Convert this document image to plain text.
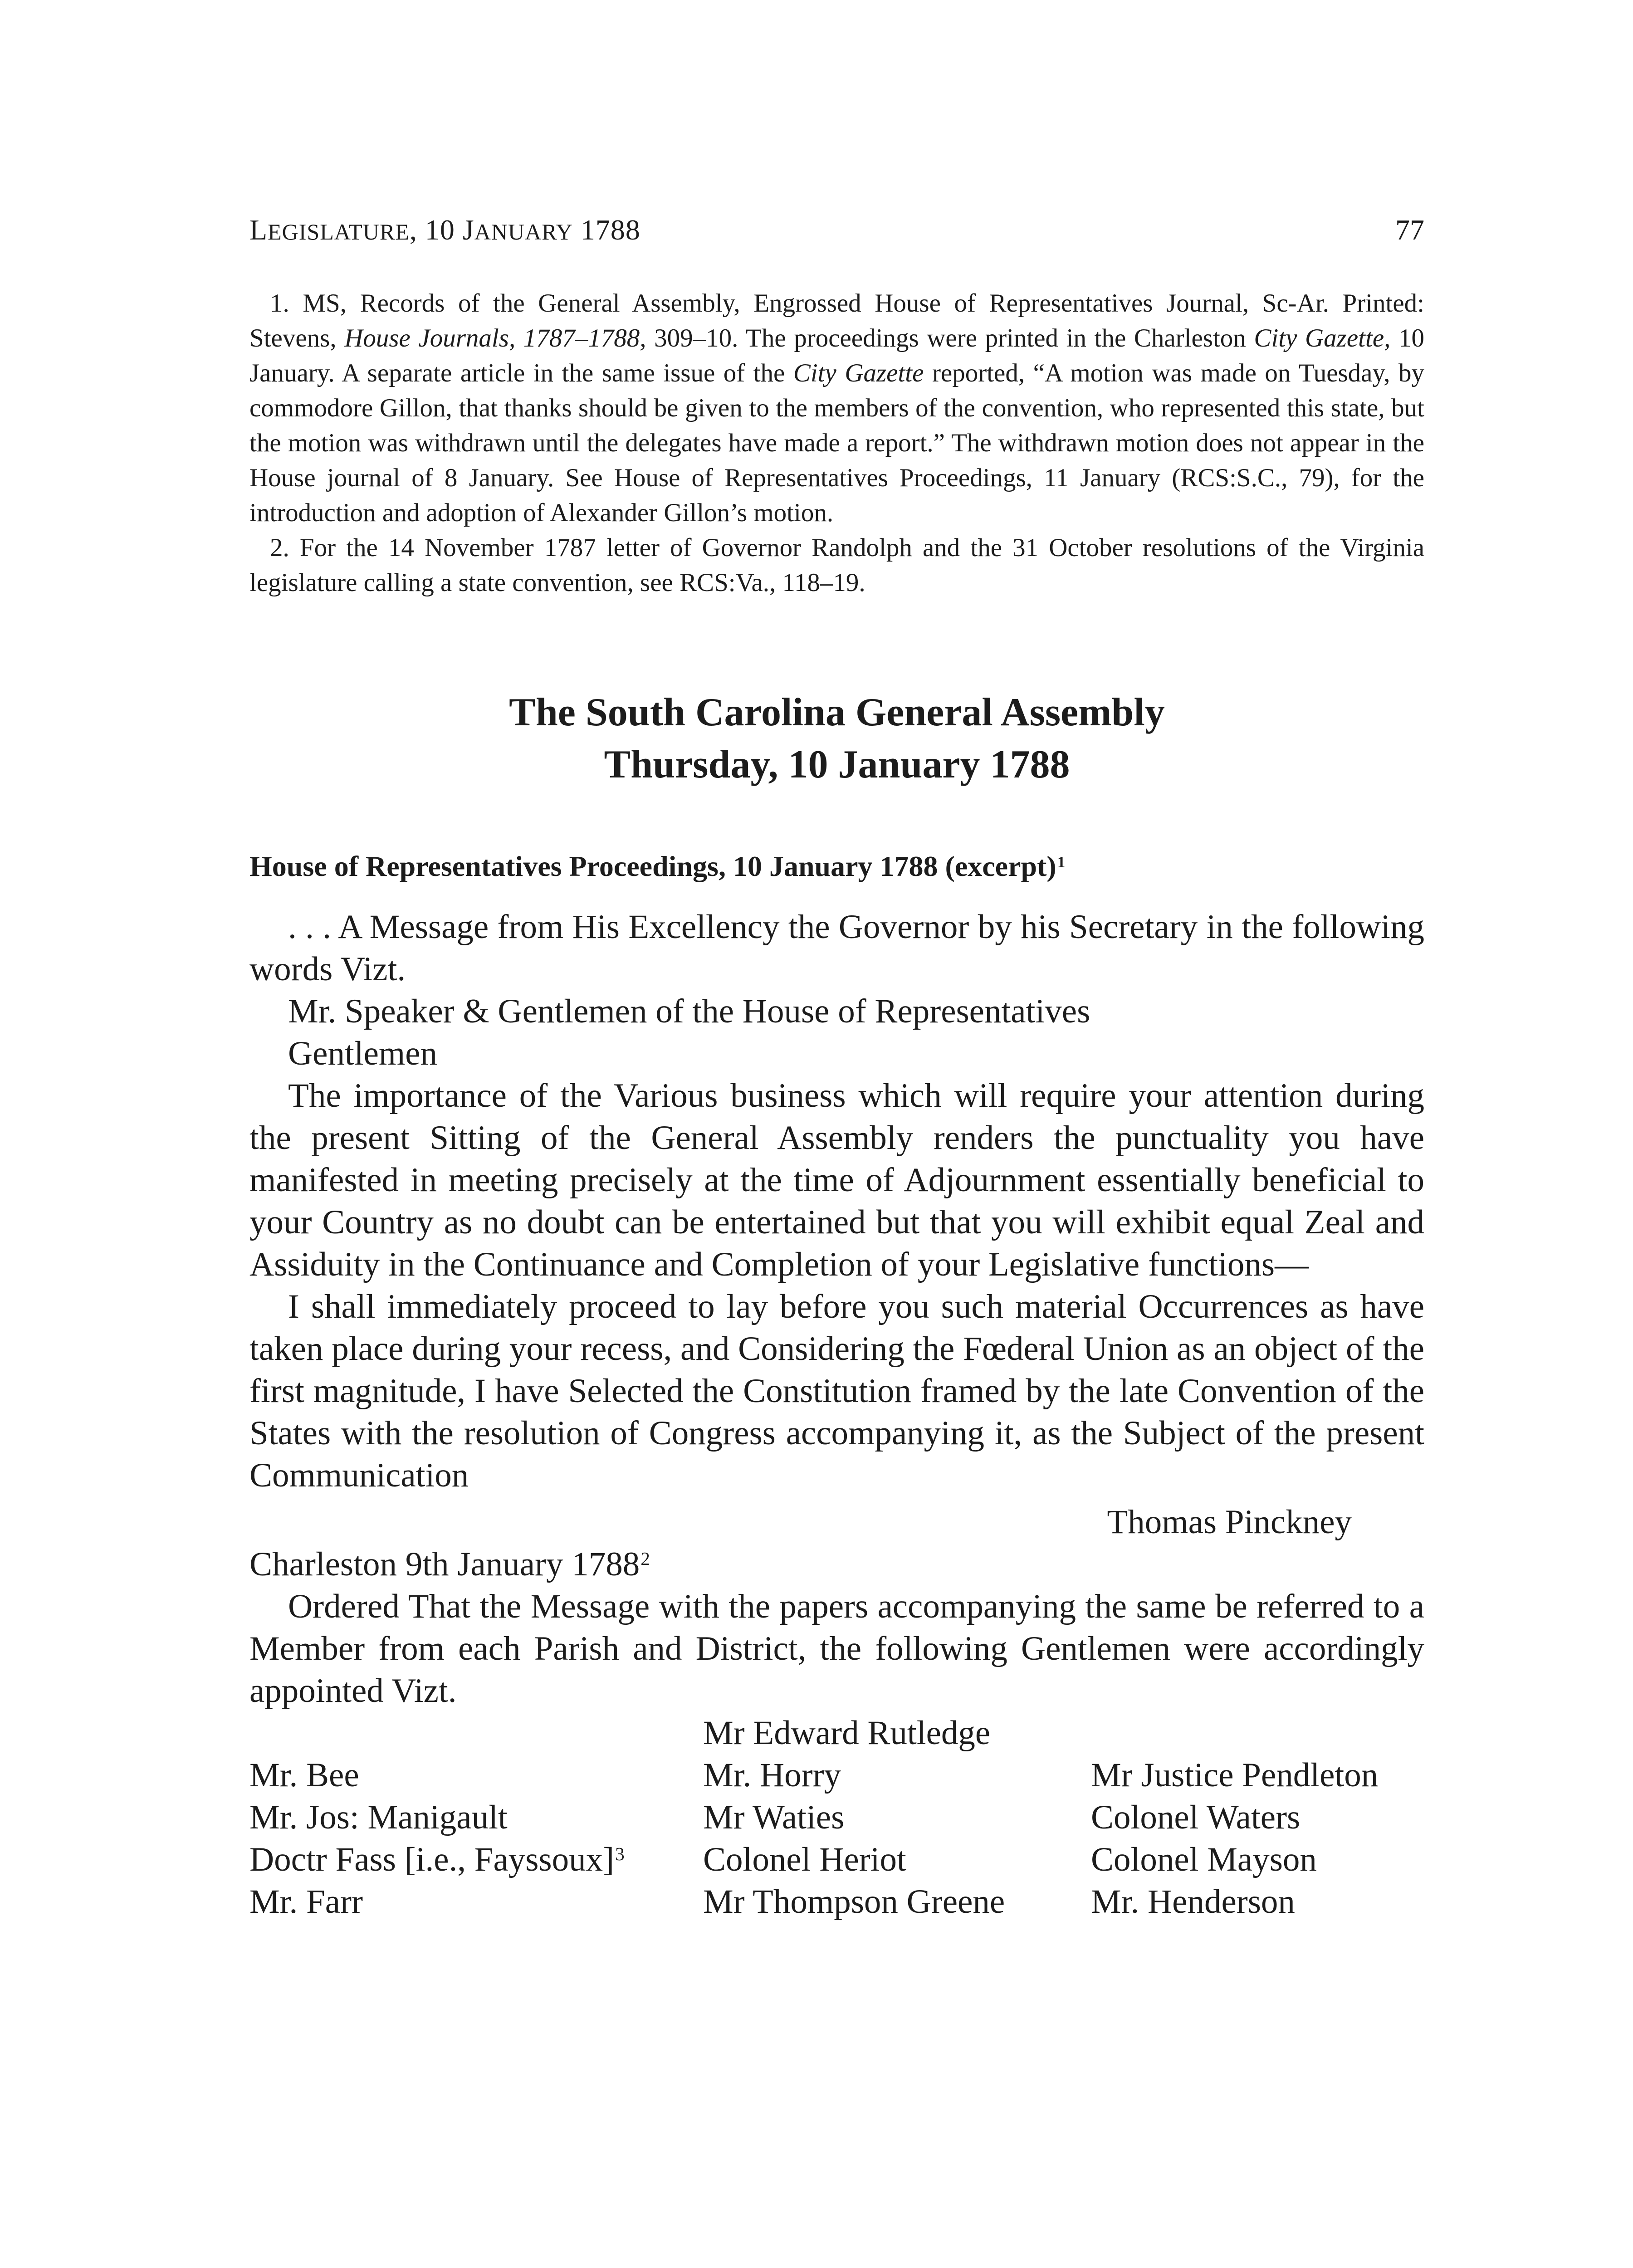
LEGISLATURE, 10 JANUARY 1788	77

1. MS, Records of the General Assembly, Engrossed House of Representatives Journal, Sc-Ar. Printed: Stevens, House Journals, 1787–1788, 309–10. The proceedings were printed in the Charleston City Gazette, 10 January. A separate article in the same issue of the City Gazette reported, “A motion was made on Tuesday, by commodore Gillon, that thanks should be given to the members of the convention, who represented this state, but the motion was withdrawn until the delegates have made a report.” The withdrawn motion does not appear in the House journal of 8 January. See House of Representatives Proceedings, 11 January (RCS:S.C., 79), for the introduction and adoption of Alexander Gillon’s motion.

2. For the 14 November 1787 letter of Governor Randolph and the 31 October resolutions of the Virginia legislature calling a state convention, see RCS:Va., 118–19.

The South Carolina General Assembly
Thursday, 10 January 1788
House of Representatives Proceedings, 10 January 1788 (excerpt)$^1$

. . . A Message from His Excellency the Governor by his Secretary in the following words Vizt.

Mr. Speaker & Gentlemen of the House of Representatives

Gentlemen

The importance of the Various business which will require your attention during the present Sitting of the General Assembly renders the punctuality you have manifested in meeting precisely at the time of Adjournment essentially beneficial to your Country as no doubt can be entertained but that you will exhibit equal Zeal and Assiduity in the Continuance and Completion of your Legislative functions—

I shall immediately proceed to lay before you such material Occurrences as have taken place during your recess, and Considering the Fœderal Union as an object of the first magnitude, I have Selected the Constitution framed by the late Convention of the States with the resolution of Congress accompanying it, as the Subject of the present Communication

Thomas Pinckney

Charleston 9th January 1788$^2$

Ordered That the Message with the papers accompanying the same be referred to a Member from each Parish and District, the following Gentlemen were accordingly appointed Vizt.

Mr Edward Rutledge
Mr. Bee
Mr. Jos: Manigault
Doctr Fass [i.e., Fayssoux]$^3$
Mr. Farr
Mr. Horry
Mr Waties
Colonel Heriot
Mr Thompson Greene
Mr Justice Pendleton
Colonel Waters
Colonel Mayson
Mr. Henderson
